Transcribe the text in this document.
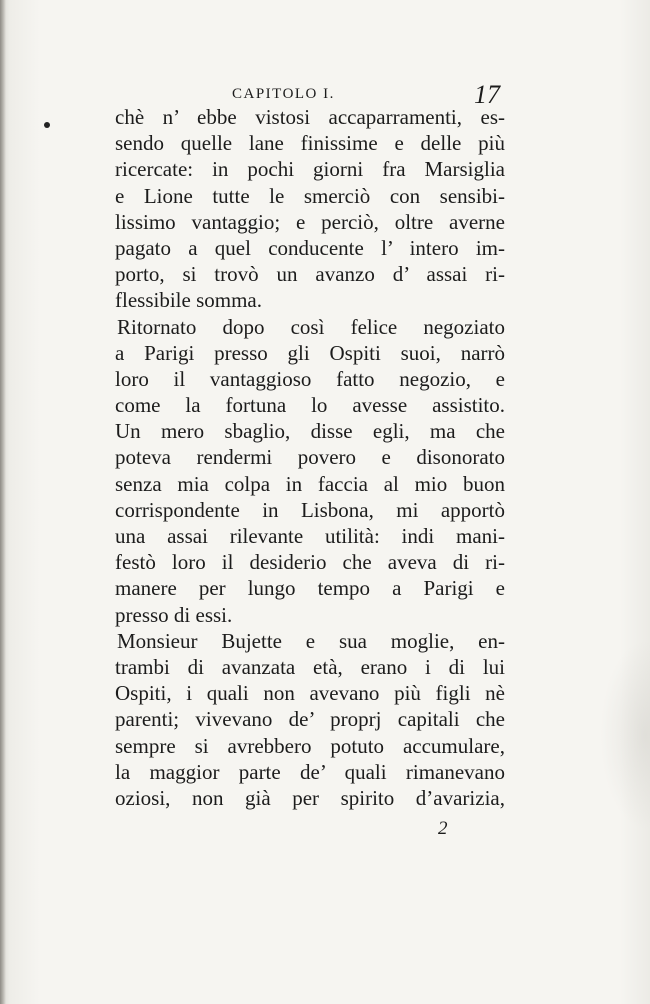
CAPITOLO I.	17
chè n’ ebbe vistosi accaparramenti, es-
sendo quelle lane finissime e delle più
ricercate: in pochi giorni fra Marsiglia
e Lione tutte le smerciò con sensibi-
lissimo vantaggio; e perciò, oltre averne
pagato a quel conducente l’ intero im-
porto, si trovò un avanzo d’ assai ri-
flessibile somma.
Ritornato dopo così felice negoziato
a Parigi presso gli Ospiti suoi, narrò
loro il vantaggioso fatto negozio, e
come la fortuna lo avesse assistito.
Un mero sbaglio, disse egli, ma che
poteva rendermi povero e disonorato
senza mia colpa in faccia al mio buon
corrispondente in Lisbona, mi apportò
una assai rilevante utilità: indi mani-
festò loro il desiderio che aveva di ri-
manere per lungo tempo a Parigi e
presso di essi.
Monsieur Bujette e sua moglie, en-
trambi di avanzata età, erano i di lui
Ospiti, i quali non avevano più figli nè
parenti; vivevano de’ proprj capitali che
sempre si avrebbero potuto accumulare,
la maggior parte de’ quali rimanevano
oziosi, non già per spirito d’avarizia,
2
